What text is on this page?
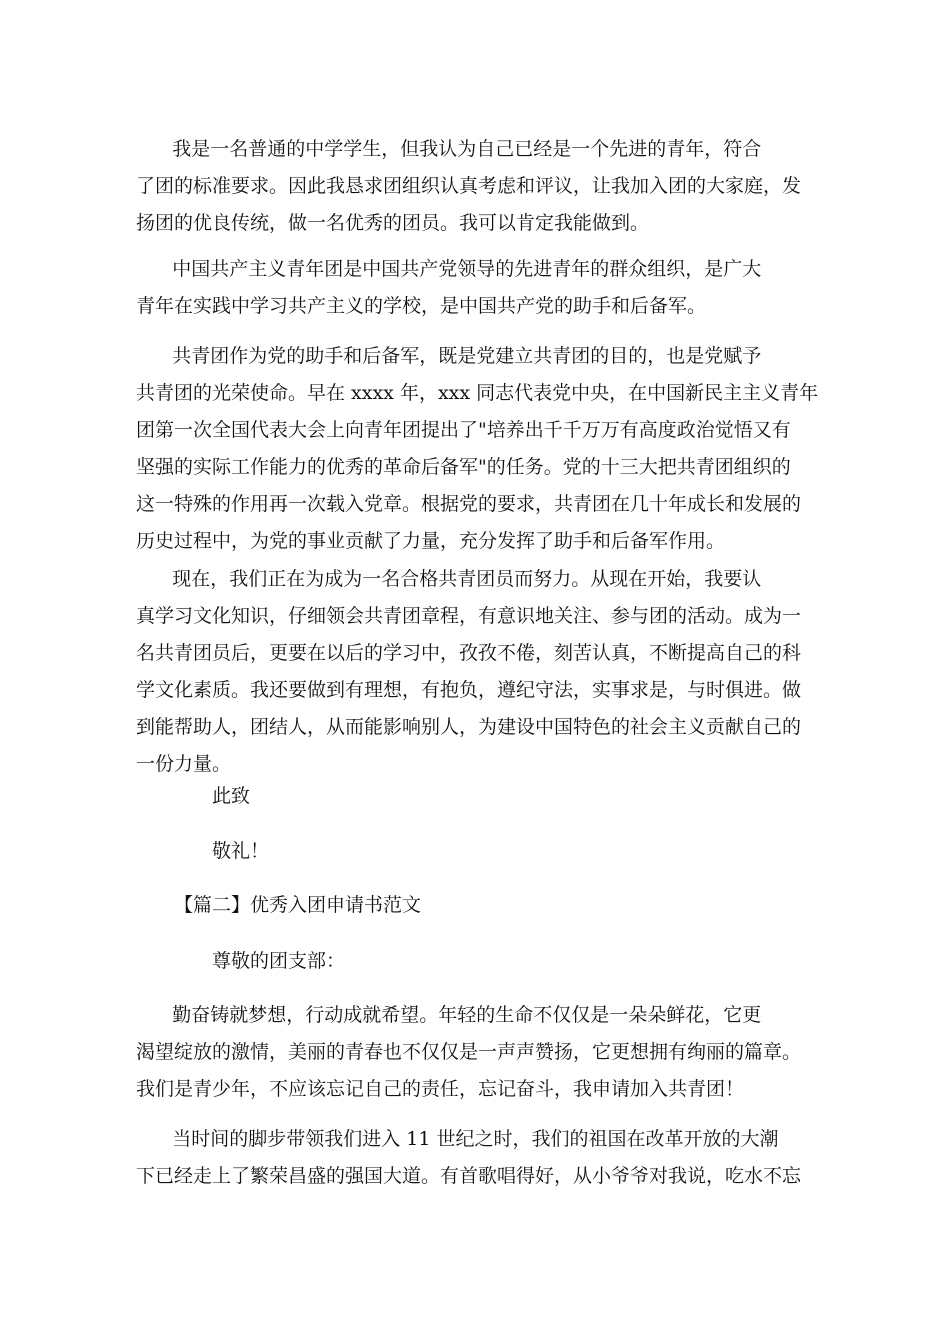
我是一名普通的中学学生，但我认为自己已经是一个先进的青年，符合
了团的标准要求。因此我恳求团组织认真考虑和评议，让我加入团的大家庭，发
扬团的优良传统，做一名优秀的团员。我可以肯定我能做到。
中国共产主义青年团是中国共产党领导的先进青年的群众组织，是广大
青年在实践中学习共产主义的学校，是中国共产党的助手和后备军。
共青团作为党的助手和后备军，既是党建立共青团的目的，也是党赋予
共青团的光荣使命。早在 xxxx 年，xxx 同志代表党中央，在中国新民主主义青年
团第一次全国代表大会上向青年团提出了"培养出千千万万有高度政治觉悟又有
坚强的实际工作能力的优秀的革命后备军"的任务。党的十三大把共青团组织的
这一特殊的作用再一次载入党章。根据党的要求，共青团在几十年成长和发展的
历史过程中，为党的事业贡献了力量，充分发挥了助手和后备军作用。
现在，我们正在为成为一名合格共青团员而努力。从现在开始，我要认
真学习文化知识，仔细领会共青团章程，有意识地关注、参与团的活动。成为一
名共青团员后，更要在以后的学习中，孜孜不倦，刻苦认真，不断提高自己的科
学文化素质。我还要做到有理想，有抱负，遵纪守法，实事求是，与时俱进。做
到能帮助人，团结人，从而能影响别人，为建设中国特色的社会主义贡献自己的
一份力量。
此致
敬礼！
【篇二】优秀入团申请书范文
尊敬的团支部：
勤奋铸就梦想，行动成就希望。年轻的生命不仅仅是一朵朵鲜花，它更
渴望绽放的激情，美丽的青春也不仅仅是一声声赞扬，它更想拥有绚丽的篇章。
我们是青少年，不应该忘记自己的责任，忘记奋斗，我申请加入共青团！
当时间的脚步带领我们进入 11 世纪之时，我们的祖国在改革开放的大潮
下已经走上了繁荣昌盛的强国大道。有首歌唱得好，从小爷爷对我说，吃水不忘
